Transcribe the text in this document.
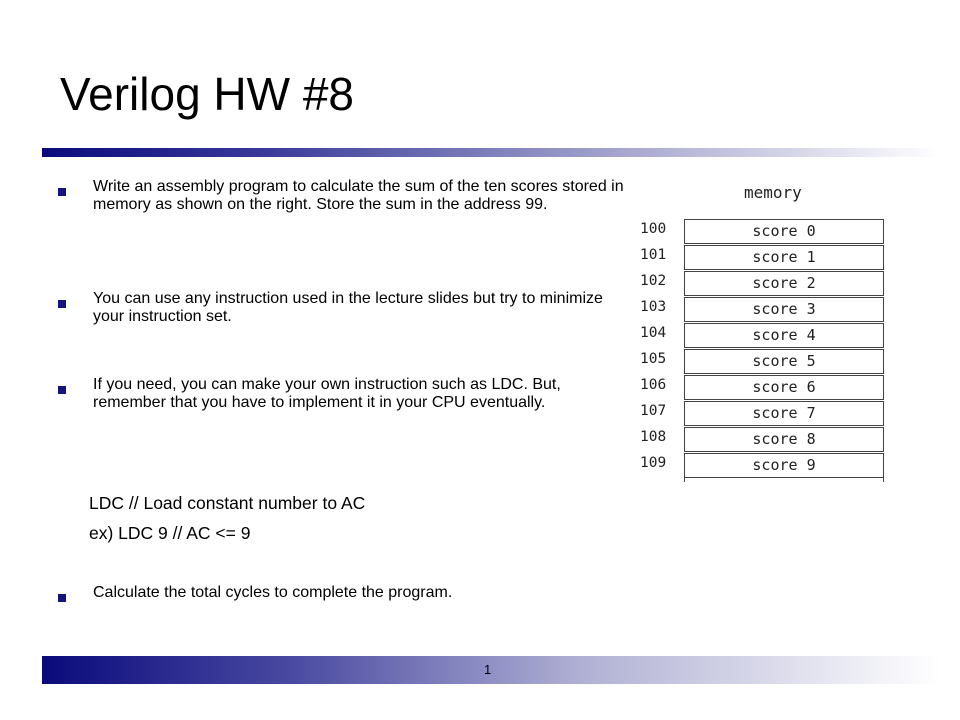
Verilog HW #8
Write an assembly program to calculate the sum of the ten scores stored in memory as shown on the right. Store the sum in the address 99.
You can use any instruction used in the lecture slides but try to minimize your instruction set.
If you need, you can make your own instruction such as LDC. But, remember that you have to implement it in your CPU eventually.
LDC // Load constant number to AC
ex) LDC 9 // AC <= 9
Calculate the total cycles to complete the program.
memory
100
101
102
103
104
105
106
107
108
109
score 0
score 1
score 2
score 3
score 4
score 5
score 6
score 7
score 8
score 9
1
